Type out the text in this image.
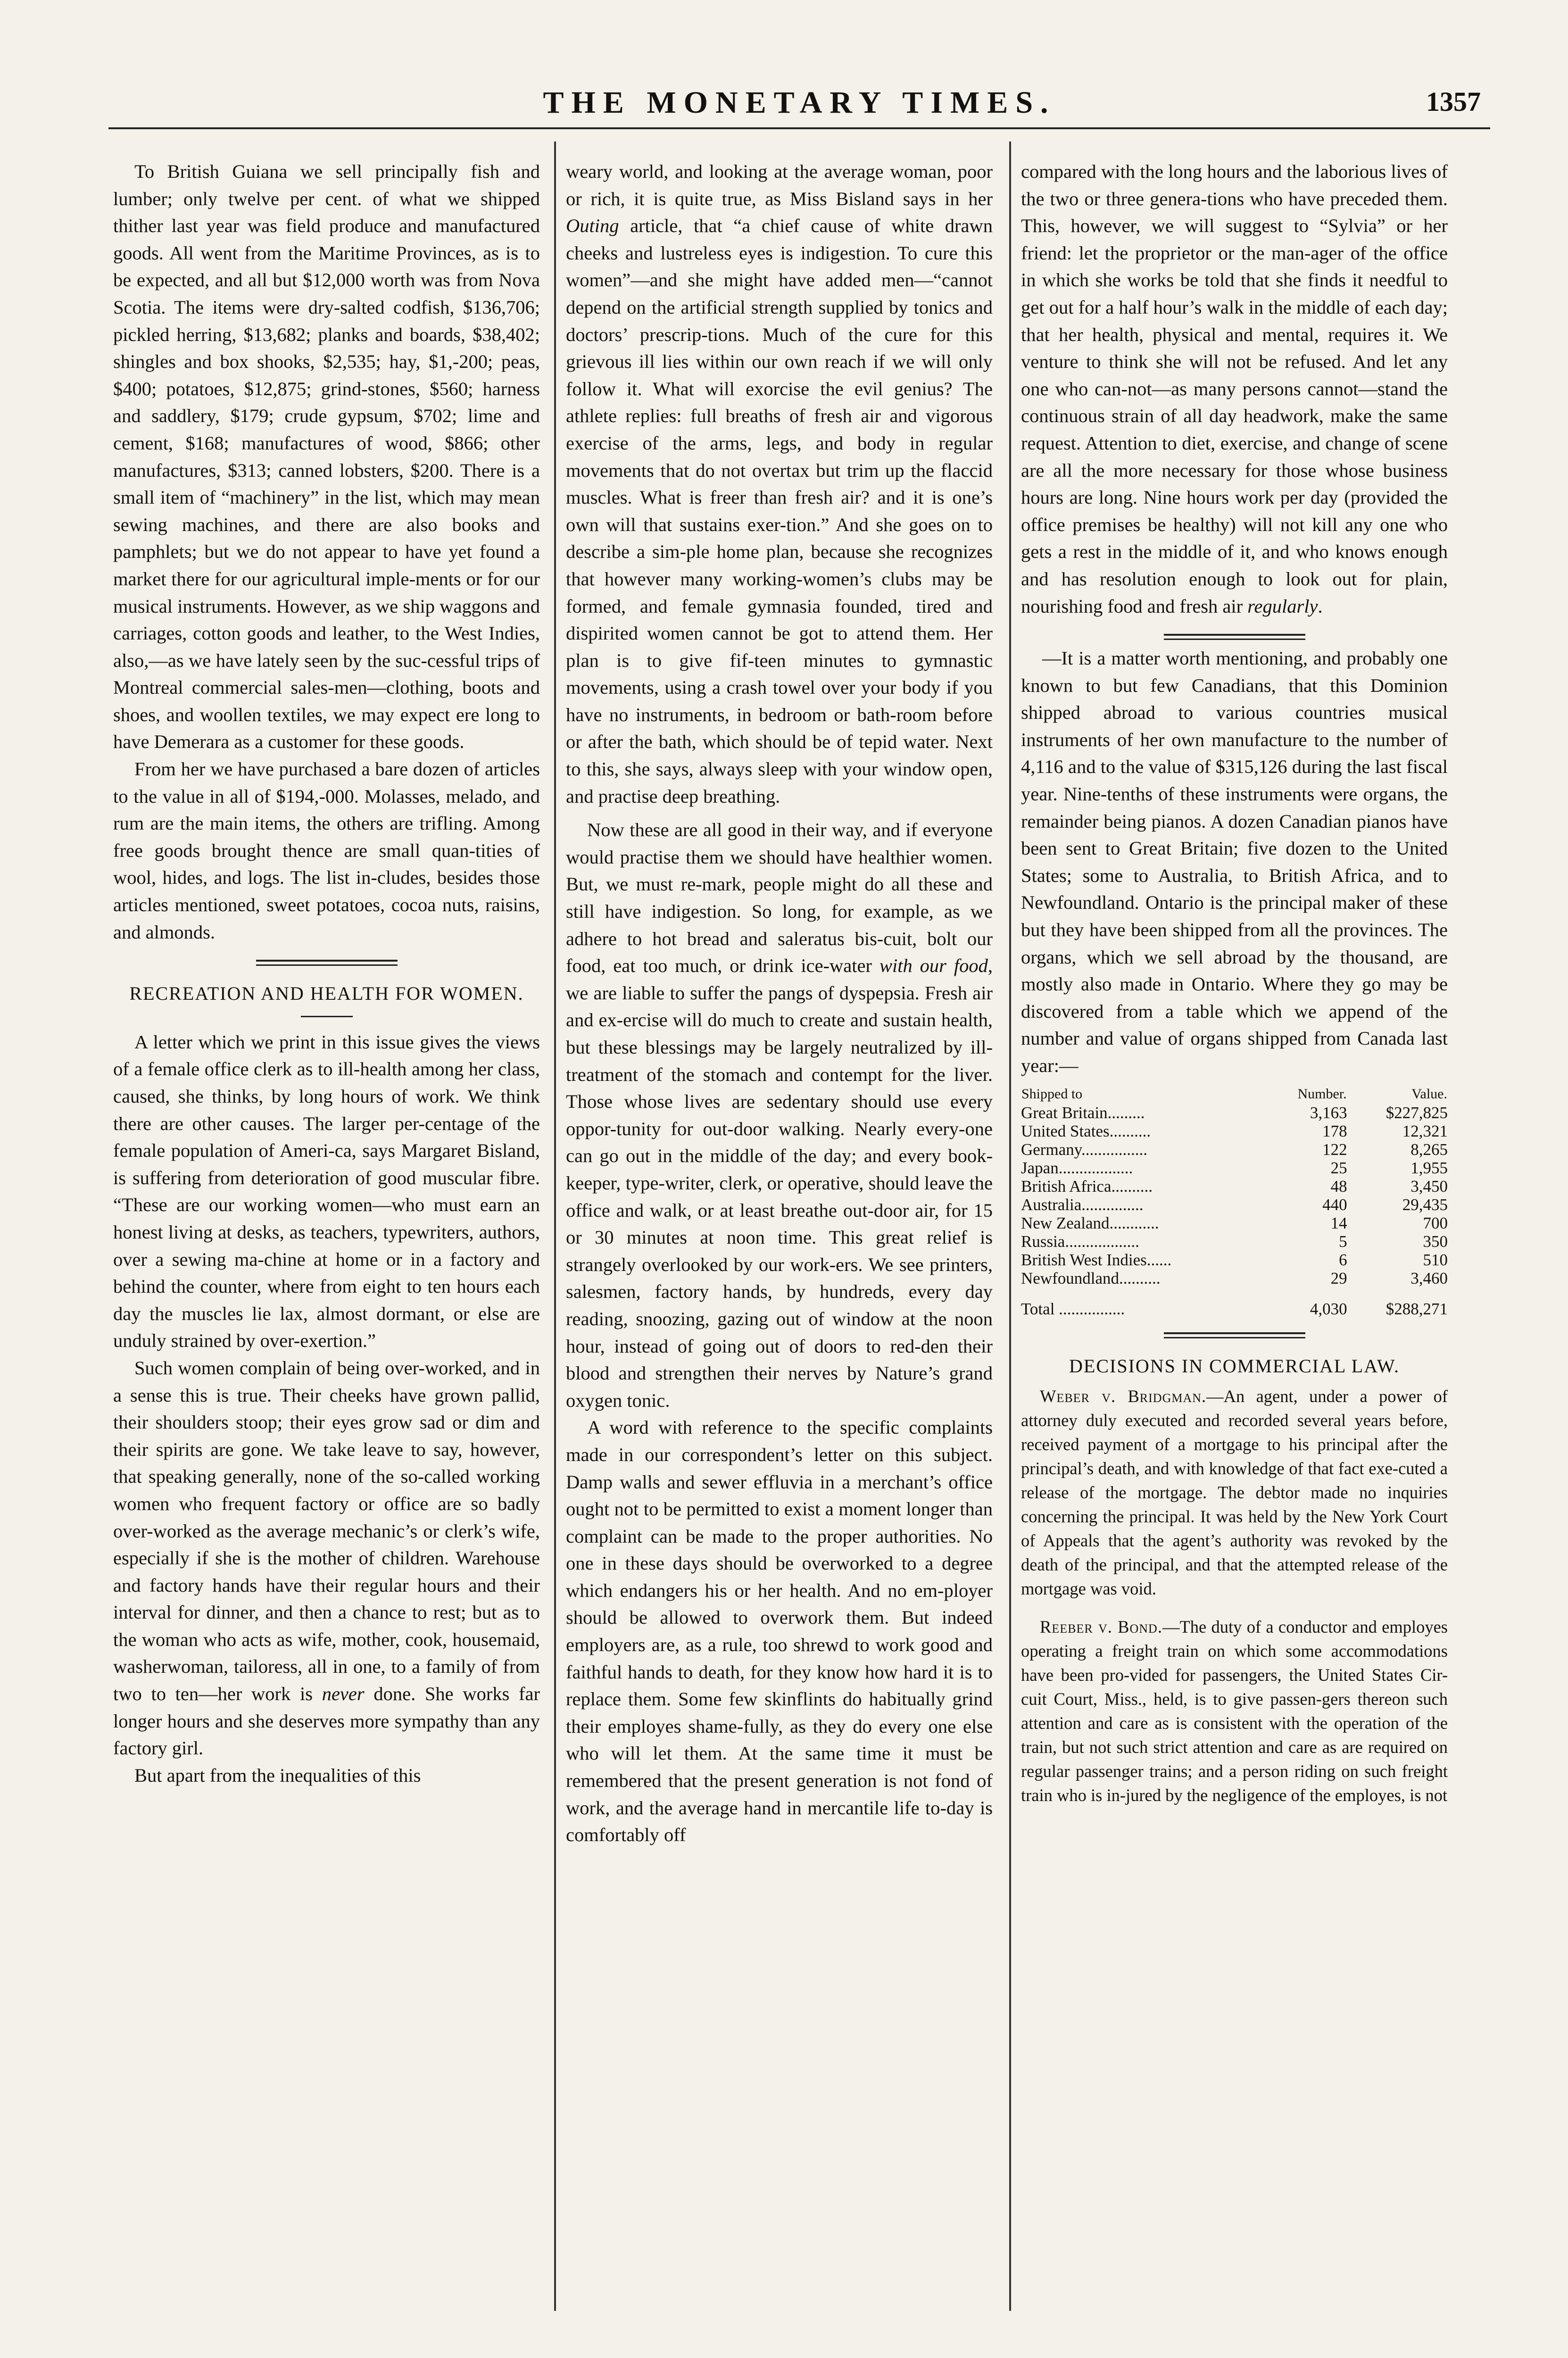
THE MONETARY TIMES.	1357

To British Guiana we sell principally fish and lumber; only twelve per cent. of what we shipped thither last year was field produce and manufactured goods. All went from the Maritime Provinces, as is to be expected, and all but $12,000 worth was from Nova Scotia. The items were dry-salted codfish, $136,706; pickled herring, $13,682; planks and boards, $38,402; shingles and box shooks, $2,535; hay, $1,-200; peas, $400; potatoes, $12,875; grind-stones, $560; harness and saddlery, $179; crude gypsum, $702; lime and cement, $168; manufactures of wood, $866; other manufactures, $313; canned lobsters, $200. There is a small item of “machinery” in the list, which may mean sewing machines, and there are also books and pamphlets; but we do not appear to have yet found a market there for our agricultural imple-ments or for our musical instruments. However, as we ship waggons and carriages, cotton goods and leather, to the West Indies, also,—as we have lately seen by the suc-cessful trips of Montreal commercial sales-men—clothing, boots and shoes, and woollen textiles, we may expect ere long to have Demerara as a customer for these goods.

From her we have purchased a bare dozen of articles to the value in all of $194,-000. Molasses, melado, and rum are the main items, the others are trifling. Among free goods brought thence are small quan-tities of wool, hides, and logs. The list in-cludes, besides those articles mentioned, sweet potatoes, cocoa nuts, raisins, and almonds.

RECREATION AND HEALTH FOR WOMEN.

A letter which we print in this issue gives the views of a female office clerk as to ill-health among her class, caused, she thinks, by long hours of work. We think there are other causes. The larger per-centage of the female population of Ameri-ca, says Margaret Bisland, is suffering from deterioration of good muscular fibre. “These are our working women—who must earn an honest living at desks, as teachers, typewriters, authors, over a sewing ma-chine at home or in a factory and behind the counter, where from eight to ten hours each day the muscles lie lax, almost dormant, or else are unduly strained by over-exertion.”

Such women complain of being over-worked, and in a sense this is true. Their cheeks have grown pallid, their shoulders stoop; their eyes grow sad or dim and their spirits are gone. We take leave to say, however, that speaking generally, none of the so-called working women who frequent factory or office are so badly over-worked as the average mechanic’s or clerk’s wife, especially if she is the mother of children. Warehouse and factory hands have their regular hours and their interval for dinner, and then a chance to rest; but as to the woman who acts as wife, mother, cook, housemaid, washerwoman, tailoress, all in one, to a family of from two to ten—her work is never done. She works far longer hours and she deserves more sympathy than any factory girl.

But apart from the inequalities of this

weary world, and looking at the average woman, poor or rich, it is quite true, as Miss Bisland says in her Outing article, that “a chief cause of white drawn cheeks and lustreless eyes is indigestion. To cure this women”—and she might have added men—“cannot depend on the artificial strength supplied by tonics and doctors’ prescrip-tions. Much of the cure for this grievous ill lies within our own reach if we will only follow it. What will exorcise the evil genius? The athlete replies: full breaths of fresh air and vigorous exercise of the arms, legs, and body in regular movements that do not overtax but trim up the flaccid muscles. What is freer than fresh air? and it is one’s own will that sustains exer-tion.” And she goes on to describe a sim-ple home plan, because she recognizes that however many working-women’s clubs may be formed, and female gymnasia founded, tired and dispirited women cannot be got to attend them. Her plan is to give fif-teen minutes to gymnastic movements, using a crash towel over your body if you have no instruments, in bedroom or bath-room before or after the bath, which should be of tepid water. Next to this, she says, always sleep with your window open, and practise deep breathing.

Now these are all good in their way, and if everyone would practise them we should have healthier women. But, we must re-mark, people might do all these and still have indigestion. So long, for example, as we adhere to hot bread and saleratus bis-cuit, bolt our food, eat too much, or drink ice-water with our food, we are liable to suffer the pangs of dyspepsia. Fresh air and ex-ercise will do much to create and sustain health, but these blessings may be largely neutralized by ill-treatment of the stomach and contempt for the liver. Those whose lives are sedentary should use every oppor-tunity for out-door walking. Nearly every-one can go out in the middle of the day; and every book-keeper, type-writer, clerk, or operative, should leave the office and walk, or at least breathe out-door air, for 15 or 30 minutes at noon time. This great relief is strangely overlooked by our work-ers. We see printers, salesmen, factory hands, by hundreds, every day reading, snoozing, gazing out of window at the noon hour, instead of going out of doors to red-den their blood and strengthen their nerves by Nature’s grand oxygen tonic.

A word with reference to the specific complaints made in our correspondent’s letter on this subject. Damp walls and sewer effluvia in a merchant’s office ought not to be permitted to exist a moment longer than complaint can be made to the proper authorities. No one in these days should be overworked to a degree which endangers his or her health. And no em-ployer should be allowed to overwork them. But indeed employers are, as a rule, too shrewd to work good and faithful hands to death, for they know how hard it is to replace them. Some few skinflints do habitually grind their employes shame-fully, as they do every one else who will let them. At the same time it must be remembered that the present generation is not fond of work, and the average hand in mercantile life to-day is comfortably off

compared with the long hours and the laborious lives of the two or three genera-tions who have preceded them. This, however, we will suggest to “Sylvia” or her friend: let the proprietor or the man-ager of the office in which she works be told that she finds it needful to get out for a half hour’s walk in the middle of each day; that her health, physical and mental, requires it. We venture to think she will not be refused. And let any one who can-not—as many persons cannot—stand the continuous strain of all day headwork, make the same request. Attention to diet, exercise, and change of scene are all the more necessary for those whose business hours are long. Nine hours work per day (provided the office premises be healthy) will not kill any one who gets a rest in the middle of it, and who knows enough and has resolution enough to look out for plain, nourishing food and fresh air regularly.

—It is a matter worth mentioning, and probably one known to but few Canadians, that this Dominion shipped abroad to various countries musical instruments of her own manufacture to the number of 4,116 and to the value of $315,126 during the last fiscal year. Nine-tenths of these instruments were organs, the remainder being pianos. A dozen Canadian pianos have been sent to Great Britain; five dozen to the United States; some to Australia, to British Africa, and to Newfoundland. Ontario is the principal maker of these but they have been shipped from all the provinces. The organs, which we sell abroad by the thousand, are mostly also made in Ontario. Where they go may be discovered from a table which we append of the number and value of organs shipped from Canada last year:—

Shipped to	Number.	Value.
Great Britain.........	3,163	$227,825
United States..........	178	12,321
Germany................	122	8,265
Japan..................	25	1,955
British Africa..........	48	3,450
Australia...............	440	29,435
New Zealand............	14	700
Russia..................	5	350
British West Indies......	6	510
Newfoundland..........	29	3,460
Total ................	4,030	$288,271
DECISIONS IN COMMERCIAL LAW.

Weber v. Bridgman.—An agent, under a power of attorney duly executed and recorded several years before, received payment of a mortgage to his principal after the principal’s death, and with knowledge of that fact exe-cuted a release of the mortgage. The debtor made no inquiries concerning the principal. It was held by the New York Court of Appeals that the agent’s authority was revoked by the death of the principal, and that the attempted release of the mortgage was void.

Reeber v. Bond.—The duty of a conductor and employes operating a freight train on which some accommodations have been pro-vided for passengers, the United States Cir-cuit Court, Miss., held, is to give passen-gers thereon such attention and care as is consistent with the operation of the train, but not such strict attention and care as are required on regular passenger trains; and a person riding on such freight train who is in-jured by the negligence of the employes, is not
